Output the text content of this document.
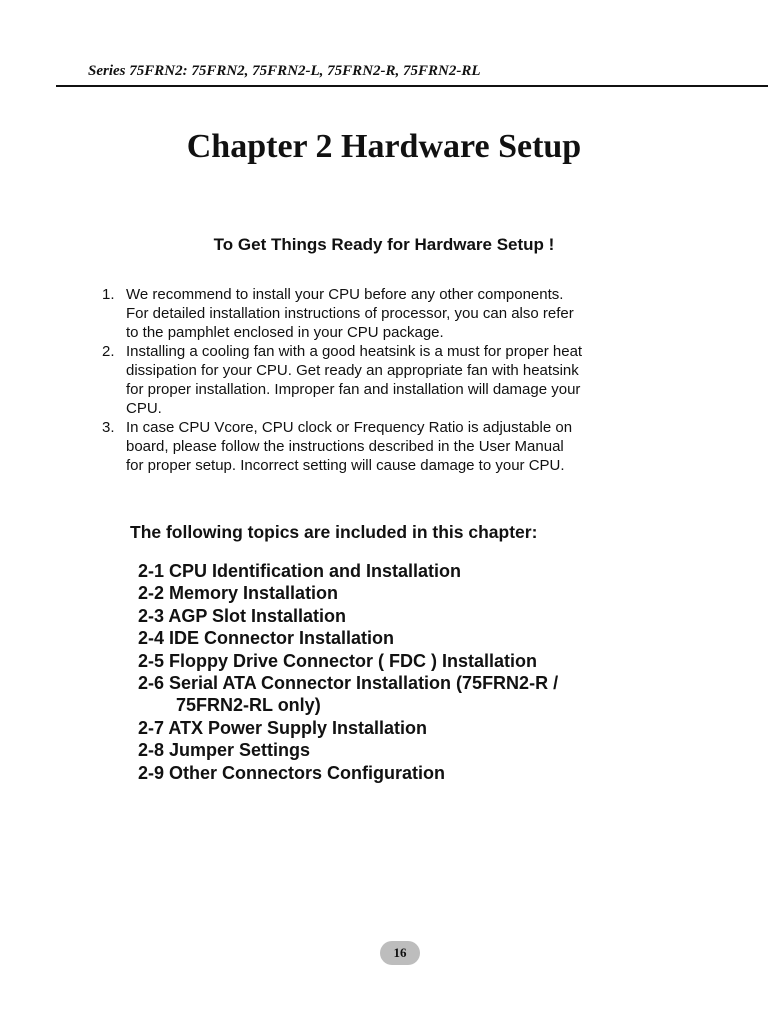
Series 75FRN2: 75FRN2, 75FRN2-L, 75FRN2-R, 75FRN2-RL
Chapter 2 Hardware Setup
To Get Things Ready for Hardware Setup !
1. We recommend to install your CPU before any other components.
For detailed installation instructions of processor, you can also refer
to the pamphlet enclosed in your CPU package.
2. Installing a cooling fan with a good heatsink is a must for proper heat
dissipation for your CPU. Get ready an appropriate fan with heatsink
for proper installation. Improper fan and installation will damage your
CPU.
3. In case CPU Vcore, CPU clock or Frequency Ratio is adjustable on
board, please follow the instructions described in the User Manual
for proper setup. Incorrect setting will cause damage to your CPU.
The following topics are included in this chapter:
2-1 CPU Identification and Installation
2-2 Memory Installation
2-3 AGP Slot Installation
2-4 IDE Connector Installation
2-5 Floppy Drive Connector ( FDC ) Installation
2-6 Serial ATA Connector Installation (75FRN2-R /
75FRN2-RL only)
2-7 ATX Power Supply Installation
2-8 Jumper Settings
2-9 Other Connectors Configuration
16
